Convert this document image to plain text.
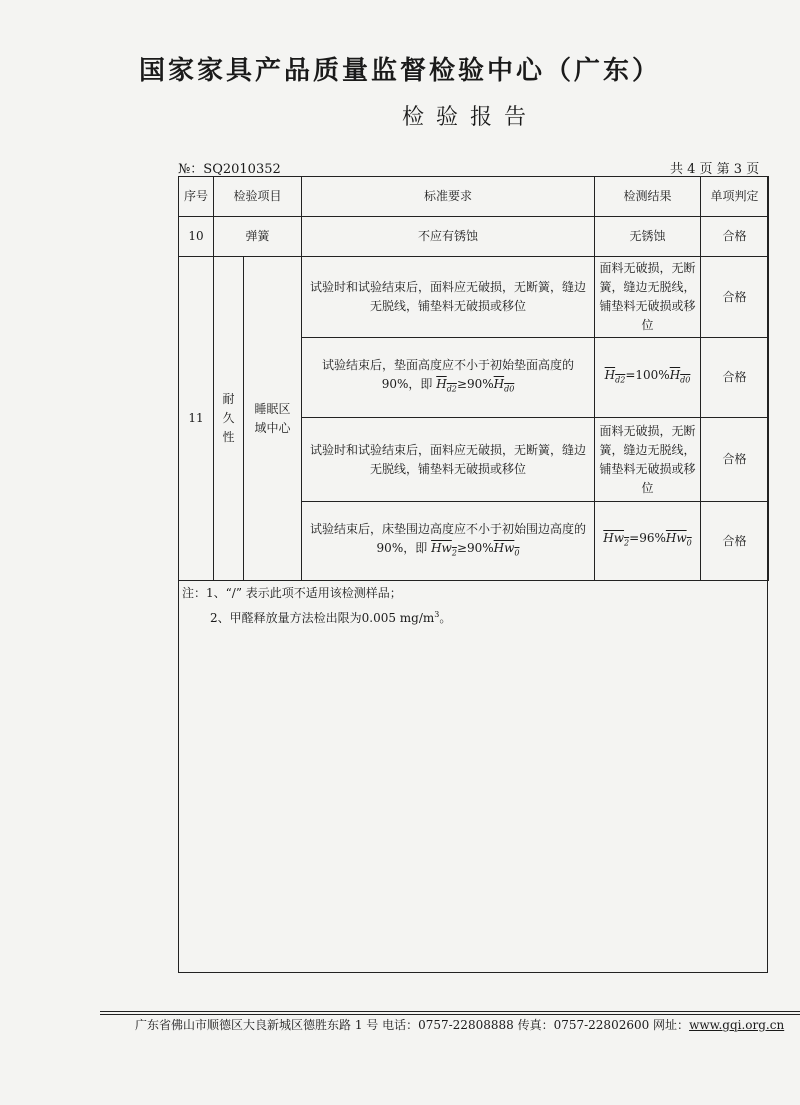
国家家具产品质量监督检验中心（广东）
检验报告
№：SQ2010352	共 4 页 第 3 页
序号	检验项目		标准要求	检测结果	单项判定
10	弹簧		不应有锈蚀	无锈蚀	合格
11	耐久性	睡眠区域中心	试验时和试验结束后，面料应无破损，无断簧，缝边无脱线，铺垫料无破损或移位	面料无破损，无断簧，缝边无脱线，铺垫料无破损或移位	合格
			试验结束后，垫面高度应不小于初始垫面高度的 90%，即 $H_{d2}\ge 90\%H_{d0}$	$H_{d2}=100\%H_{d0}$	合格
			试验时和试验结束后，面料应无破损，无断簧，缝边无脱线，铺垫料无破损或移位	面料无破损，无断簧，缝边无脱线，铺垫料无破损或移位	合格
			试验结束后，床垫围边高度应不小于初始围边高度的 90%，即 $Hw_2\ge 90\%Hw_0$	$Hw_2=96\%Hw_0$	合格
注：1、“/” 表示此项不适用该检测样品；
2、甲醛释放量方法检出限为0.005 $mg/m^3$。
广东省佛山市顺德区大良新城区德胜东路 1 号 电话：0757-22808888 传真：0757-22802600 网址：www.gqi.org.cn
